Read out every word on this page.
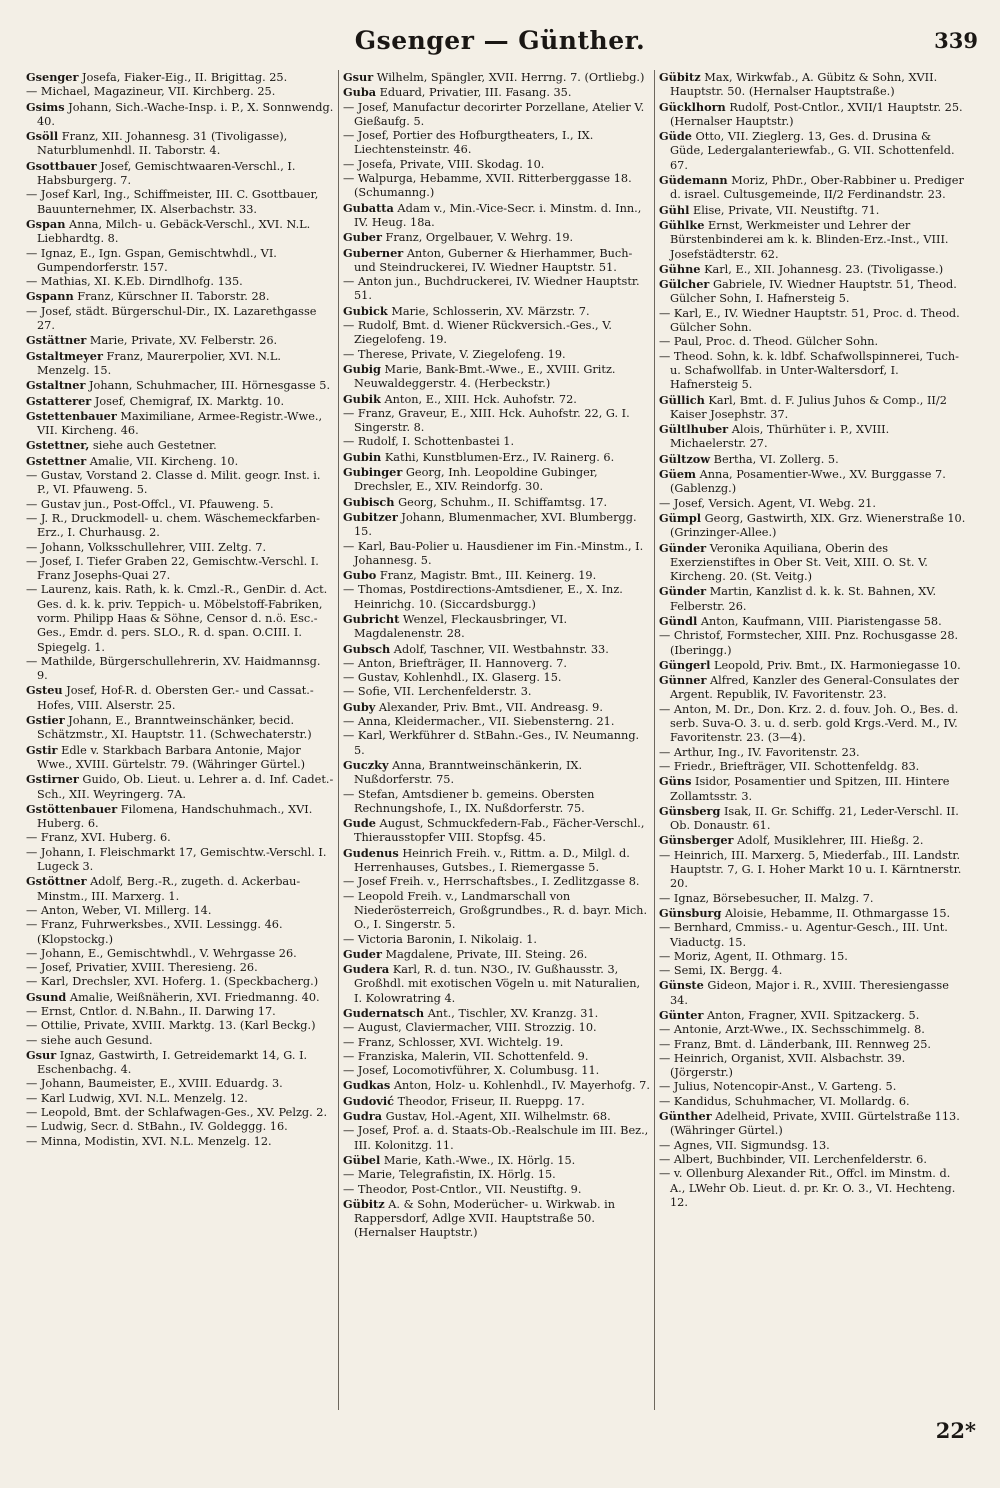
Gsenger — Günther.	339
Gsenger Josefa, Fiaker-Eig., II. Brigittag. 25.
— Michael, Magazineur, VII. Kirchberg. 25.
Gsims Johann, Sich.-Wache-Insp. i. P., X. Sonnwendg. 40.
Gsöll Franz, XII. Johannesg. 31 (Tivoligasse), Naturblumenhdl. II. Taborstr. 4.
Gsottbauer Josef, Gemischtwaaren-Verschl., I. Habsburgerg. 7.
— Josef Karl, Ing., Schiffmeister, III. C. Gsottbauer, Bauunternehmer, IX. Alserbachstr. 33.
Gspan Anna, Milch- u. Gebäck-Verschl., XVI. N.L. Liebhardtg. 8.
— Ignaz, E., Ign. Gspan, Gemischtwhdl., VI. Gumpendorferstr. 157.
— Mathias, XI. K.Eb. Dirndlhofg. 135.
Gspann Franz, Kürschner II. Taborstr. 28.
— Josef, städt. Bürgerschul-Dir., IX. Lazarethgasse 27.
Gstättner Marie, Private, XV. Felberstr. 26.
Gstaltmeyer Franz, Maurerpolier, XVI. N.L. Menzelg. 15.
Gstaltner Johann, Schuhmacher, III. Hörnesgasse 5.
Gstatterer Josef, Chemigraf, IX. Marktg. 10.
Gstettenbauer Maximiliane, Armee-Registr.-Wwe., VII. Kircheng. 46.
Gstettner, siehe auch Gestetner.
Gstettner Amalie, VII. Kircheng. 10.
— Gustav, Vorstand 2. Classe d. Milit. geogr. Inst. i. P., VI. Pfauweng. 5.
— Gustav jun., Post-Offcl., VI. Pfauweng. 5.
— J. R., Druckmodell- u. chem. Wäschemeckfarben-Erz., I. Churhausg. 2.
— Johann, Volksschullehrer, VIII. Zeltg. 7.
— Josef, I. Tiefer Graben 22, Gemischtw.-Verschl. I. Franz Josephs-Quai 27.
— Laurenz, kais. Rath, k. k. Cmzl.-R., GenDir. d. Act. Ges. d. k. k. priv. Teppich- u. Möbelstoff-Fabriken, vorm. Philipp Haas & Söhne, Censor d. n.ö. Esc.-Ges., Emdr. d. pers. SLO., R. d. span. O.CIII. I. Spiegelg. 1.
— Mathilde, Bürgerschullehrerin, XV. Haidmannsg. 9.
Gsteu Josef, Hof-R. d. Obersten Ger.- und Cassat.-Hofes, VIII. Alserstr. 25.
Gstier Johann, E., Branntweinschänker, becid. Schätzmstr., XI. Hauptstr. 11. (Schwechaterstr.)
Gstir Edle v. Starkbach Barbara Antonie, Major Wwe., XVIII. Gürtelstr. 79. (Währinger Gürtel.)
Gstirner Guido, Ob. Lieut. u. Lehrer a. d. Inf. Cadet.-Sch., XII. Weyringerg. 7A.
Gstöttenbauer Filomena, Handschuhmach., XVI. Huberg. 6.
— Franz, XVI. Huberg. 6.
— Johann, I. Fleischmarkt 17, Gemischtw.-Verschl. I. Lugeck 3.
Gstöttner Adolf, Berg.-R., zugeth. d. Ackerbau-Minstm., III. Marxerg. 1.
— Anton, Weber, VI. Millerg. 14.
— Franz, Fuhrwerksbes., XVII. Lessingg. 46. (Klopstockg.)
— Johann, E., Gemischtwhdl., V. Wehrgasse 26.
— Josef, Privatier, XVIII. Theresieng. 26.
— Karl, Drechsler, XVI. Hoferg. 1. (Speckbacherg.)
Gsund Amalie, Weißnäherin, XVI. Friedmanng. 40.
— Ernst, Cntlor. d. N.Bahn., II. Darwing 17.
— Ottilie, Private, XVIII. Marktg. 13. (Karl Beckg.)
— siehe auch Gesund.
Gsur Ignaz, Gastwirth, I. Getreidemarkt 14, G. I. Eschenbachg. 4.
— Johann, Baumeister, E., XVIII. Eduardg. 3.
— Karl Ludwig, XVI. N.L. Menzelg. 12.
— Leopold, Bmt. der Schlafwagen-Ges., XV. Pelzg. 2.
— Ludwig, Secr. d. StBahn., IV. Goldeggg. 16.
— Minna, Modistin, XVI. N.L. Menzelg. 12.
Gsur Wilhelm, Spängler, XVII. Herrng. 7. (Ortliebg.)
Guba Eduard, Privatier, III. Fasang. 35.
— Josef, Manufactur decorirter Porzellane, Atelier V. Gießaufg. 5.
— Josef, Portier des Hofburgtheaters, I., IX. Liechtensteinstr. 46.
— Josefa, Private, VIII. Skodag. 10.
— Walpurga, Hebamme, XVII. Ritterberggasse 18. (Schumanng.)
Gubatta Adam v., Min.-Vice-Secr. i. Minstm. d. Inn., IV. Heug. 18a.
Guber Franz, Orgelbauer, V. Wehrg. 19.
Guberner Anton, Guberner & Hierhammer, Buch- und Steindruckerei, IV. Wiedner Hauptstr. 51.
— Anton jun., Buchdruckerei, IV. Wiedner Hauptstr. 51.
Gubick Marie, Schlosserin, XV. Märzstr. 7.
— Rudolf, Bmt. d. Wiener Rückversich.-Ges., V. Ziegelofeng. 19.
— Therese, Private, V. Ziegelofeng. 19.
Gubig Marie, Bank-Bmt.-Wwe., E., XVIII. Gritz. Neuwaldeggerstr. 4. (Herbeckstr.)
Gubik Anton, E., XIII. Hck. Auhofstr. 72.
— Franz, Graveur, E., XIII. Hck. Auhofstr. 22, G. I. Singerstr. 8.
— Rudolf, I. Schottenbastei 1.
Gubin Kathi, Kunstblumen-Erz., IV. Rainerg. 6.
Gubinger Georg, Inh. Leopoldine Gubinger, Drechsler, E., XIV. Reindorfg. 30.
Gubisch Georg, Schuhm., II. Schiffamtsg. 17.
Gubitzer Johann, Blumenmacher, XVI. Blumbergg. 15.
— Karl, Bau-Polier u. Hausdiener im Fin.-Minstm., I. Johannesg. 5.
Gubo Franz, Magistr. Bmt., III. Keinerg. 19.
— Thomas, Postdirections-Amtsdiener, E., X. Inz. Heinrichg. 10. (Siccardsburgg.)
Gubricht Wenzel, Fleckausbringer, VI. Magdalenenstr. 28.
Gubsch Adolf, Taschner, VII. Westbahnstr. 33.
— Anton, Briefträger, II. Hannoverg. 7.
— Gustav, Kohlenhdl., IX. Glaserg. 15.
— Sofie, VII. Lerchenfelderstr. 3.
Guby Alexander, Priv. Bmt., VII. Andreasg. 9.
— Anna, Kleidermacher., VII. Siebensterng. 21.
— Karl, Werkführer d. StBahn.-Ges., IV. Neumanng. 5.
Guczky Anna, Branntweinschänkerin, IX. Nußdorferstr. 75.
— Stefan, Amtsdiener b. gemeins. Obersten Rechnungshofe, I., IX. Nußdorferstr. 75.
Gude August, Schmuckfedern-Fab., Fächer-Verschl., Thierausstopfer VIII. Stopfsg. 45.
Gudenus Heinrich Freih. v., Rittm. a. D., Milgl. d. Herrenhauses, Gutsbes., I. Riemergasse 5.
— Josef Freih. v., Herrschaftsbes., I. Zedlitzgasse 8.
— Leopold Freih. v., Landmarschall von Niederösterreich, Großgrundbes., R. d. bayr. Mich. O., I. Singerstr. 5.
— Victoria Baronin, I. Nikolaig. 1.
Guder Magdalene, Private, III. Steing. 26.
Gudera Karl, R. d. tun. N3O., IV. Gußhausstr. 3, Großhdl. mit exotischen Vögeln u. mit Naturalien, I. Kolowratring 4.
Gudernatsch Ant., Tischler, XV. Kranzg. 31.
— August, Claviermacher, VIII. Strozzig. 10.
— Franz, Schlosser, XVI. Wichtelg. 19.
— Franziska, Malerin, VII. Schottenfeld. 9.
— Josef, Locomotivführer, X. Columbusg. 11.
Gudkas Anton, Holz- u. Kohlenhdl., IV. Mayerhofg. 7.
Gudović Theodor, Friseur, II. Rueppg. 17.
Gudra Gustav, Hol.-Agent, XII. Wilhelmstr. 68.
— Josef, Prof. a. d. Staats-Ob.-Realschule im III. Bez., III. Kolonitzg. 11.
Gübel Marie, Kath.-Wwe., IX. Hörlg. 15.
— Marie, Telegrafistin, IX. Hörlg. 15.
— Theodor, Post-Cntlor., VII. Neustiftg. 9.
Gübitz A. & Sohn, Moderücher- u. Wirkwab. in Rappersdorf, Adlge XVII. Hauptstraße 50. (Hernalser Hauptstr.)
Gübitz Max, Wirkwfab., A. Gübitz & Sohn, XVII. Hauptstr. 50. (Hernalser Hauptstraße.)
Gücklhorn Rudolf, Post-Cntlor., XVII/1 Hauptstr. 25. (Hernalser Hauptstr.)
Güde Otto, VII. Zieglerg. 13, Ges. d. Drusina & Güde, Ledergalanteriewfab., G. VII. Schottenfeld. 67.
Güdemann Moriz, PhDr., Ober-Rabbiner u. Prediger d. israel. Cultusgemeinde, II/2 Ferdinandstr. 23.
Gühl Elise, Private, VII. Neustiftg. 71.
Gühlke Ernst, Werkmeister und Lehrer der Bürstenbinderei am k. k. Blinden-Erz.-Inst., VIII. Josefstädterstr. 62.
Gühne Karl, E., XII. Johannesg. 23. (Tivoligasse.)
Gülcher Gabriele, IV. Wiedner Hauptstr. 51, Theod. Gülcher Sohn, I. Hafnersteig 5.
— Karl, E., IV. Wiedner Hauptstr. 51, Proc. d. Theod. Gülcher Sohn.
— Paul, Proc. d. Theod. Gülcher Sohn.
— Theod. Sohn, k. k. ldbf. Schafwollspinnerei, Tuch- u. Schafwollfab. in Unter-Waltersdorf, I. Hafnersteig 5.
Güllich Karl, Bmt. d. F. Julius Juhos & Comp., II/2 Kaiser Josephstr. 37.
Gültlhuber Alois, Thürhüter i. P., XVIII. Michaelerstr. 27.
Gültzow Bertha, VI. Zollerg. 5.
Güem Anna, Posamentier-Wwe., XV. Burggasse 7. (Gablenzg.)
— Josef, Versich. Agent, VI. Webg. 21.
Gümpl Georg, Gastwirth, XIX. Grz. Wienerstraße 10. (Grinzinger-Allee.)
Günder Veronika Aquiliana, Oberin des Exerzienstiftes in Ober St. Veit, XIII. O. St. V. Kircheng. 20. (St. Veitg.)
Günder Martin, Kanzlist d. k. k. St. Bahnen, XV. Felberstr. 26.
Gündl Anton, Kaufmann, VIII. Piaristengasse 58.
— Christof, Formstecher, XIII. Pnz. Rochusgasse 28. (Iberingg.)
Güngerl Leopold, Priv. Bmt., IX. Harmoniegasse 10.
Günner Alfred, Kanzler des General-Consulates der Argent. Republik, IV. Favoritenstr. 23.
— Anton, M. Dr., Don. Krz. 2. d. fouv. Joh. O., Bes. d. serb. Suva-O. 3. u. d. serb. gold Krgs.-Verd. M., IV. Favoritenstr. 23. (3—4).
— Arthur, Ing., IV. Favoritenstr. 23.
— Friedr., Briefträger, VII. Schottenfeldg. 83.
Güns Isidor, Posamentier und Spitzen, III. Hintere Zollamtsstr. 3.
Günsberg Isak, II. Gr. Schiffg. 21, Leder-Verschl. II. Ob. Donaustr. 61.
Günsberger Adolf, Musiklehrer, III. Hießg. 2.
— Heinrich, III. Marxerg. 5, Miederfab., III. Landstr. Hauptstr. 7, G. I. Hoher Markt 10 u. I. Kärntnerstr. 20.
— Ignaz, Börsebesucher, II. Malzg. 7.
Günsburg Aloisie, Hebamme, II. Othmargasse 15.
— Bernhard, Cmmiss.- u. Agentur-Gesch., III. Unt. Viaductg. 15.
— Moriz, Agent, II. Othmarg. 15.
— Semi, IX. Bergg. 4.
Günste Gideon, Major i. R., XVIII. Theresiengasse 34.
Günter Anton, Fragner, XVII. Spitzackerg. 5.
— Antonie, Arzt-Wwe., IX. Sechsschimmelg. 8.
— Franz, Bmt. d. Länderbank, III. Rennweg 25.
— Heinrich, Organist, XVII. Alsbachstr. 39. (Jörgerstr.)
— Julius, Notencopir-Anst., V. Garteng. 5.
— Kandidus, Schuhmacher, VI. Mollardg. 6.
Günther Adelheid, Private, XVIII. Gürtelstraße 113. (Währinger Gürtel.)
— Agnes, VII. Sigmundsg. 13.
— Albert, Buchbinder, VII. Lerchenfelderstr. 6.
— v. Ollenburg Alexander Rit., Offcl. im Minstm. d. A., LWehr Ob. Lieut. d. pr. Kr. O. 3., VI. Hechteng. 12.
22*
